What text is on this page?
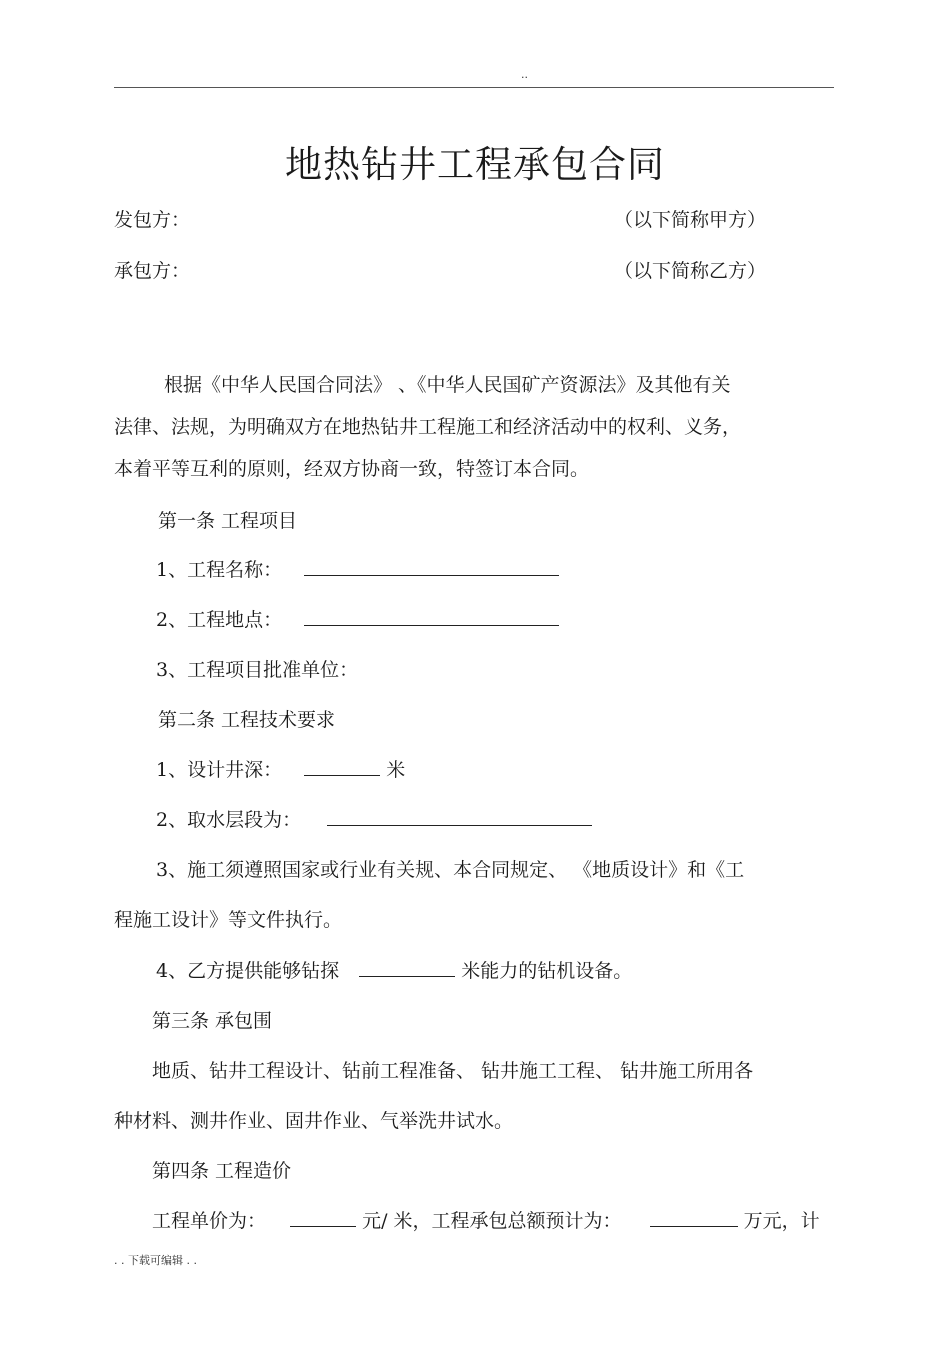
..
地热钻井工程承包合同
发包方：	（以下简称甲方）
承包方：	（以下简称乙方）
根据《中华人民国合同法》 、《中华人民国矿产资源法》及其他有关
法律、法规，为明确双方在地热钻井工程施工和经济活动中的权利、义务，
本着平等互利的原则，经双方协商一致，特签订本合同。
第一条 工程项目
1、工程名称：
2、工程地点：
3、工程项目批准单位：
第二条 工程技术要求
1、设计井深：	米
2、取水层段为：
3、施工须遵照国家或行业有关规、本合同规定、 《地质设计》和《工
程施工设计》等文件执行。
4、乙方提供能够钻探	米能力的钻机设备。
第三条 承包围
地质、钻井工程设计、钻前工程准备、 钻井施工工程、 钻井施工所用各
种材料、测井作业、固井作业、气举洗井试水。
第四条 工程造价
工程单价为：	元/ 米，工程承包总额预计为：	万元，计
. . 下载可编辑 . .
